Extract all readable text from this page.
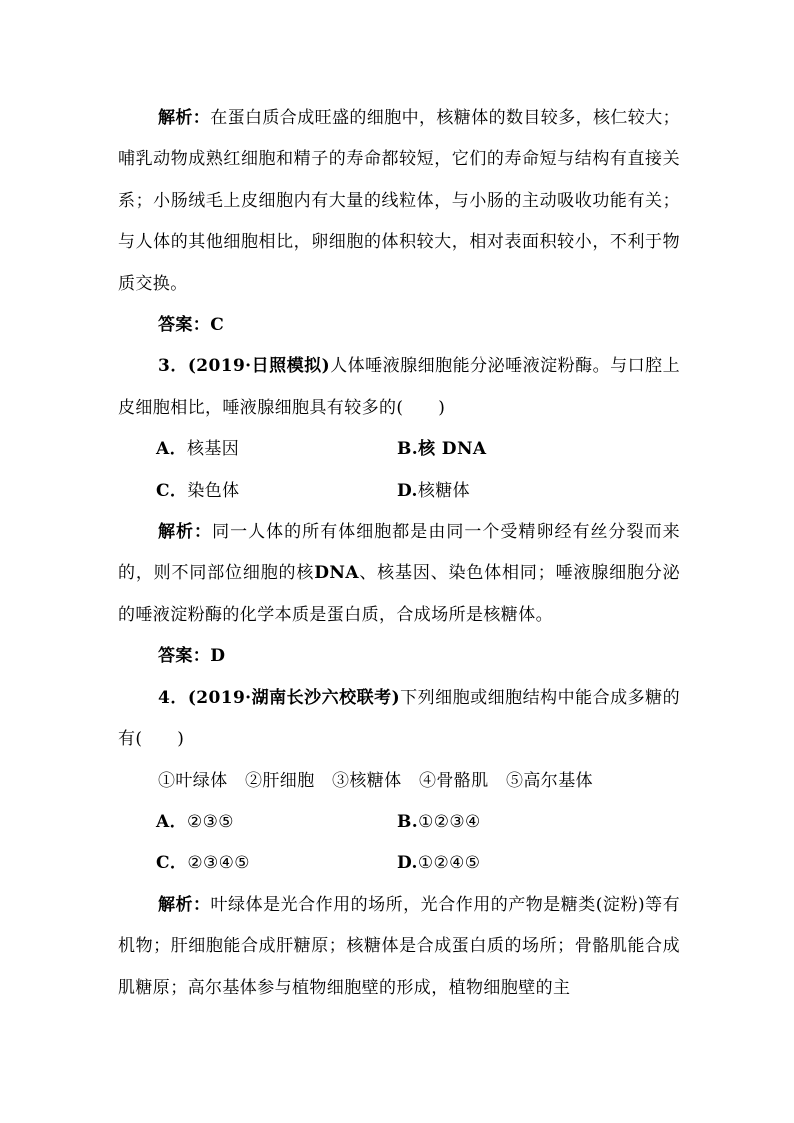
解析：在蛋白质合成旺盛的细胞中，核糖体的数目较多，核仁较大；哺乳动物成熟红细胞和精子的寿命都较短，它们的寿命短与结构有直接关系；小肠绒毛上皮细胞内有大量的线粒体，与小肠的主动吸收功能有关；与人体的其他细胞相比，卵细胞的体积较大，相对表面积较小，不利于物质交换。

答案：C

3．(2019·日照模拟)人体唾液腺细胞能分泌唾液淀粉酶。与口腔上皮细胞相比，唾液腺细胞具有较多的(　　)

A．核基因	B.核 DNA
C．染色体	D.核糖体

解析：同一人体的所有体细胞都是由同一个受精卵经有丝分裂而来的，则不同部位细胞的核DNA、核基因、染色体相同；唾液腺细胞分泌的唾液淀粉酶的化学本质是蛋白质，合成场所是核糖体。

答案：D

4．(2019·湖南长沙六校联考)下列细胞或细胞结构中能合成多糖的有(　　)

①叶绿体　②肝细胞　③核糖体　④骨骼肌　⑤高尔基体

A．②③⑤	B.①②③④
C．②③④⑤	D.①②④⑤

解析：叶绿体是光合作用的场所，光合作用的产物是糖类(淀粉)等有机物；肝细胞能合成肝糖原；核糖体是合成蛋白质的场所；骨骼肌能合成肌糖原；高尔基体参与植物细胞壁的形成，植物细胞壁的主
